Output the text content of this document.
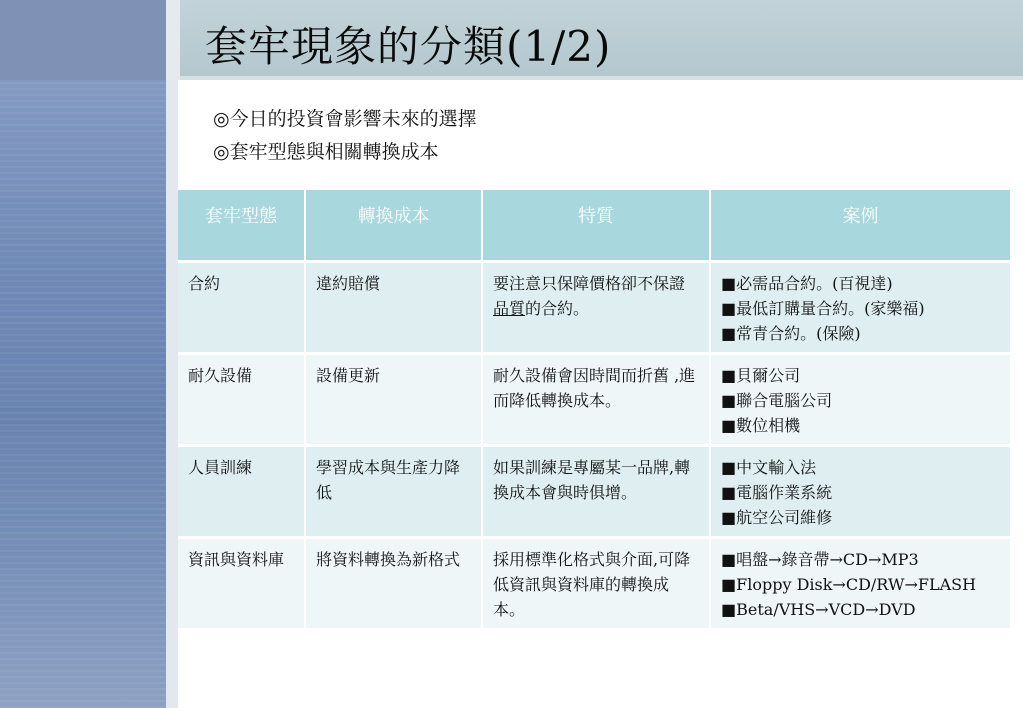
套牢現象的分類(1/2)
◎今日的投資會影響未來的選擇
◎套牢型態與相關轉換成本
套牢型態	轉換成本	特質	案例
合約	違約賠償	要注意只保障價格卻不保證品質的合約。	■必需品合約。(百視達)
■最低訂購量合約。(家樂福)
■常青合約。(保險)

耐久設備	設備更新	耐久設備會因時間而折舊 ,進而降低轉換成本。	■貝爾公司
■聯合電腦公司
■數位相機

人員訓練	學習成本與生產力降低	如果訓練是專屬某一品牌,轉換成本會與時俱增。	■中文輸入法
■電腦作業系統
■航空公司維修

資訊與資料庫	將資料轉換為新格式	採用標準化格式與介面,可降低資訊與資料庫的轉換成本。	■唱盤→錄音帶→CD→MP3
■Floppy Disk→CD/RW→FLASH
■Beta/VHS→VCD→DVD
